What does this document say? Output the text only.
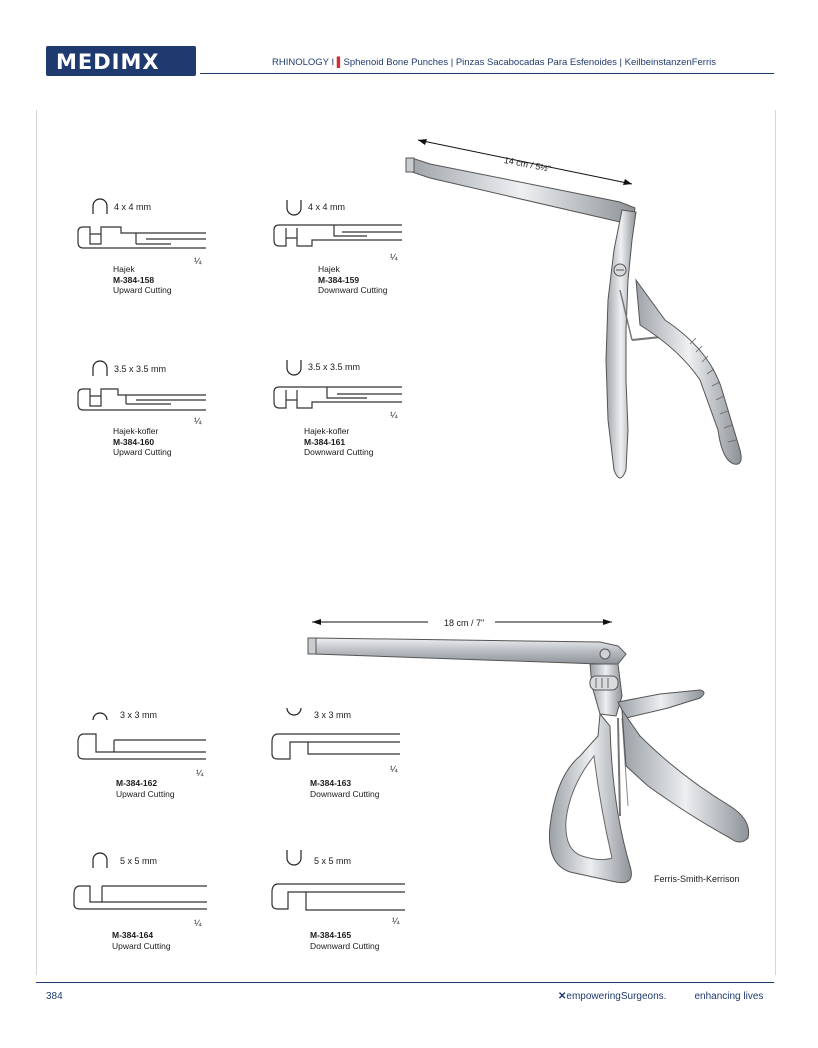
MEDIMX	RHINOLOGY I ▌Sphenoid Bone Punches | Pinzas Sacabocadas Para Esfenoides | KeilbeinstanzenFerris
4 x 4 mm
¼
Hajek
M-384-158
Upward Cutting
4 x 4 mm
¼
Hajek
M-384-159
Downward Cutting
3.5 x 3.5 mm
¼
Hajek-kofler
M-384-160
Upward Cutting
3.5 x 3.5 mm
¼
Hajek-kofler
M-384-161
Downward Cutting
14 cm / 5½"
3 x 3 mm
¼
M-384-162
Upward Cutting
3 x 3 mm
¼
M-384-163
Downward Cutting
5 x 5 mm
¼
M-384-164
Upward Cutting
5 x 5 mm
¼
M-384-165
Downward Cutting
18 cm / 7"
Ferris-Smith-Kerrison
384	✕empoweringSurgeons.	enhancing lives
